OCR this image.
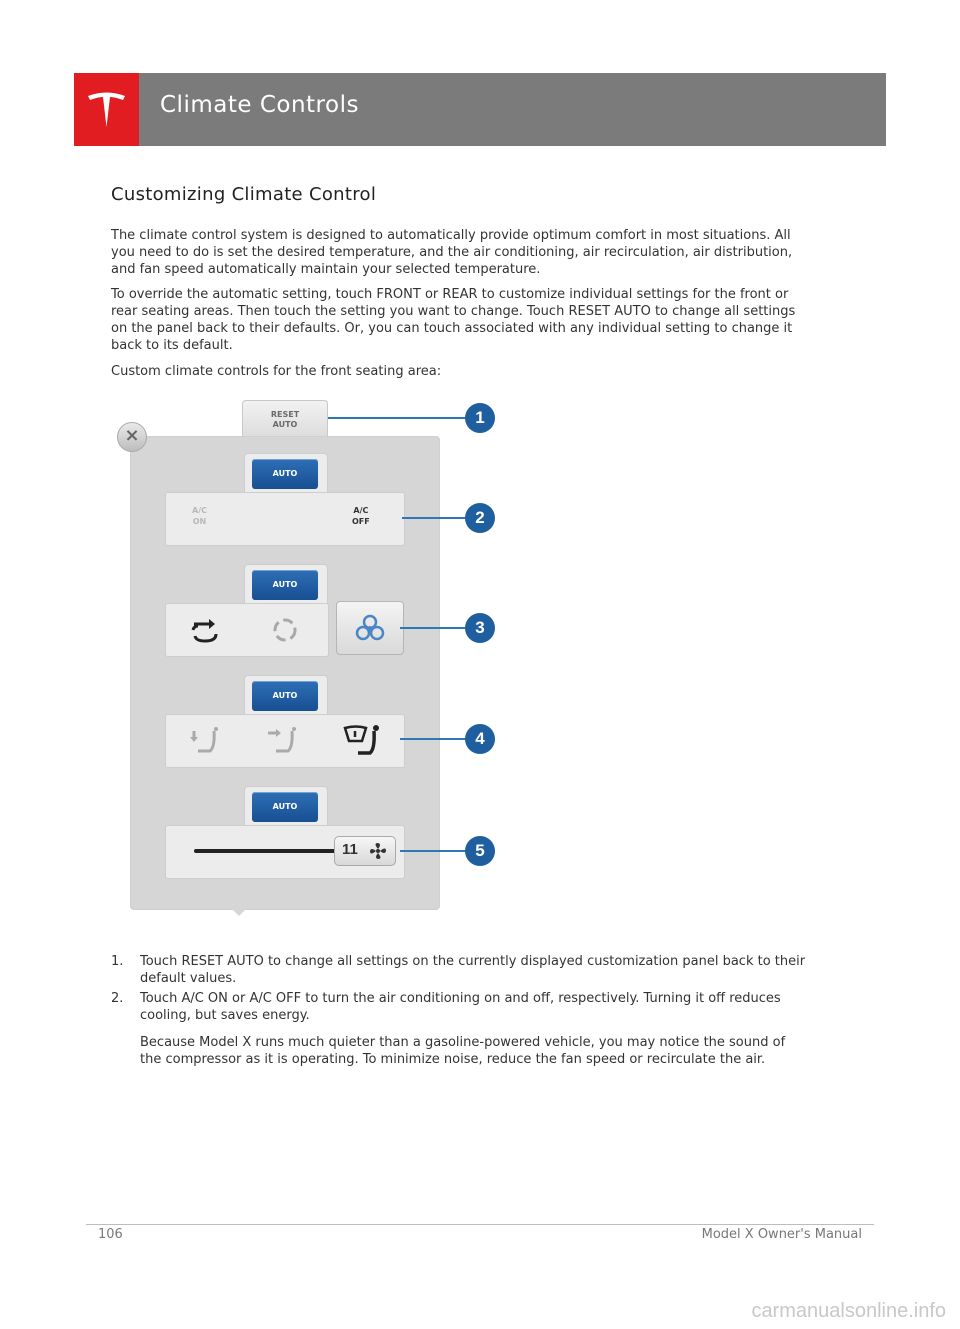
Climate Controls
Customizing Climate Control

The climate control system is designed to automatically provide optimum comfort in most situations. All you need to do is set the desired temperature, and the air conditioning, air recirculation, air distribution, and fan speed automatically maintain your selected temperature.

To override the automatic setting, touch FRONT or REAR to customize individual settings for the front or rear seating areas. Then touch the setting you want to change. Touch RESET AUTO to change all settings on the panel back to their defaults. Or, you can touch associated with any individual setting to change it back to its default.

Custom climate controls for the front seating area:

RESET
AUTO
×
AUTO
A/C
ON
A/C
OFF
AUTO
AUTO
AUTO
11
1
2
3
4
5
1. Touch RESET AUTO to change all settings on the currently displayed customization panel back to their default values.
2. Touch A/C ON or A/C OFF to turn the air conditioning on and off, respectively. Turning it off reduces cooling, but saves energy.

Because Model X runs much quieter than a gasoline-powered vehicle, you may notice the sound of the compressor as it is operating. To minimize noise, reduce the fan speed or recirculate the air.

106	Model X Owner's Manual
carmanualsonline.info
